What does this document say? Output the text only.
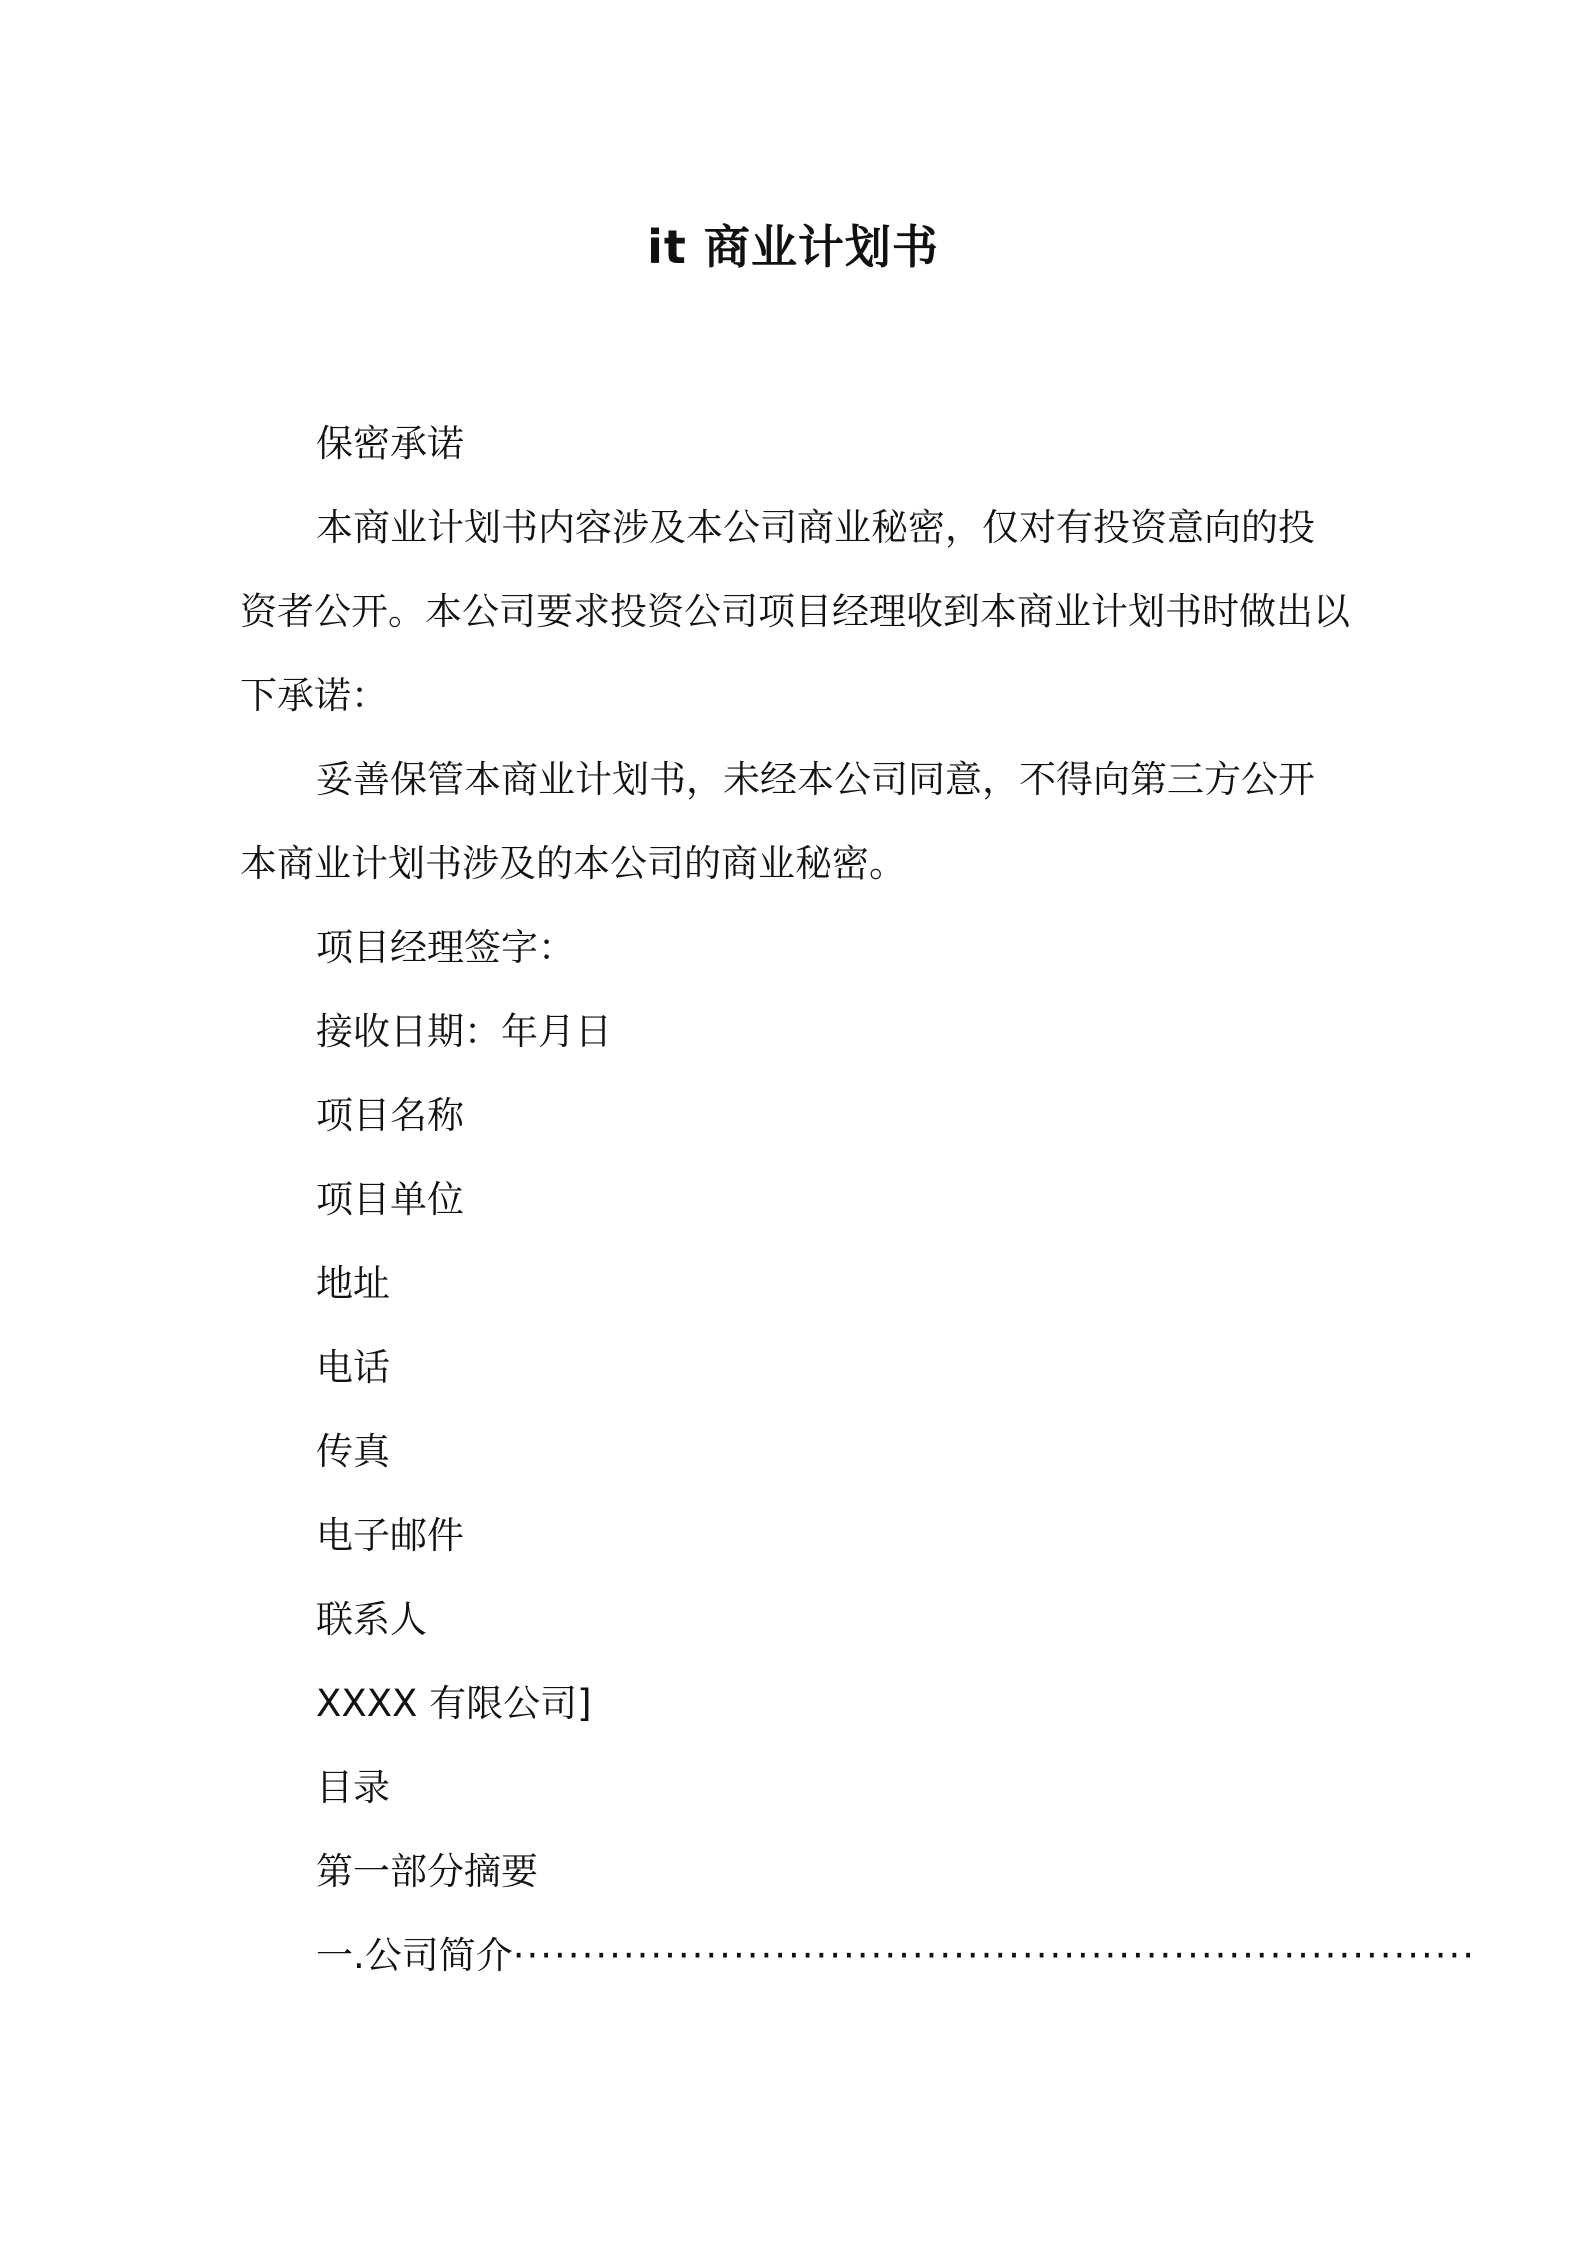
it 商业计划书

保密承诺

本商业计划书内容涉及本公司商业秘密，仅对有投资意向的投资者公开。本公司要求投资公司项目经理收到本商业计划书时做出以下承诺：

妥善保管本商业计划书，未经本公司同意，不得向第三方公开本商业计划书涉及的本公司的商业秘密。

项目经理签字：

接收日期：年月日

项目名称

项目单位

地址

电话

传真

电子邮件

联系人

XXXX 有限公司]

目录

第一部分摘要

一.公司简介······································································
